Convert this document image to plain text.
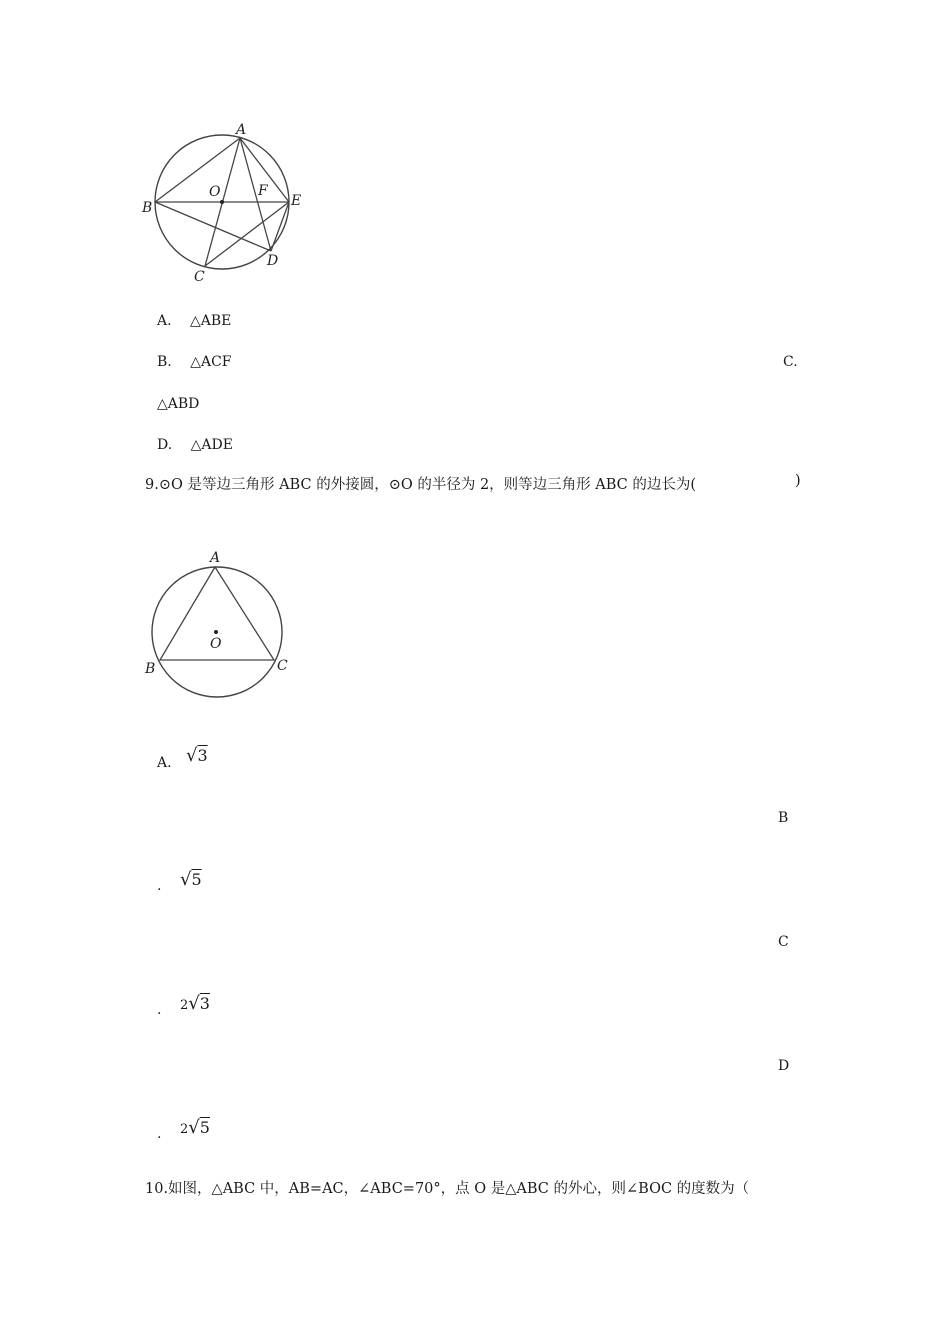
A
B
C
D
E
F
O
A. △ABE
B. △ACF	C.
△ABD
D. △ADE
9.⊙O 是等边三角形 ABC 的外接圆，⊙O 的半径为 2，则等边三角形 ABC 的边长为(	)
A
B	C
O
A. √3
B
. √5
C
. 2√3
D
. 2√5
10.如图，△ABC 中，AB=AC，∠ABC=70°，点 O 是△ABC 的外心，则∠BOC 的度数为（
